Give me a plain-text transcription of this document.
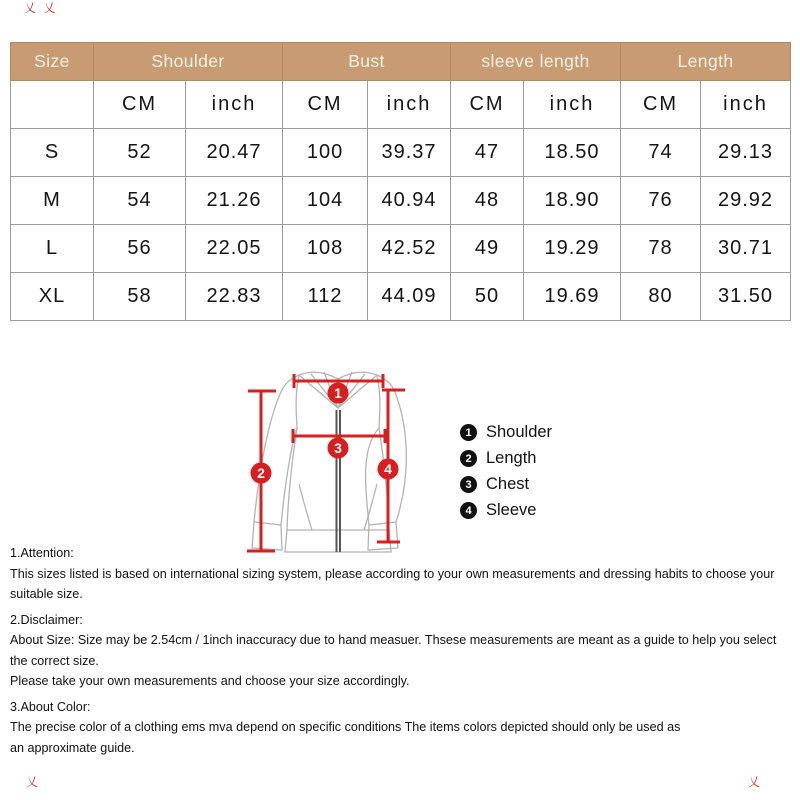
乂 乂
乂	乂
Size	Shoulder		Bust		sleeve length		Length	
	CM	inch	CM	inch	CM	inch	CM	inch
S	52	20.47	100	39.37	47	18.50	74	29.13
M	54	21.26	104	40.94	48	18.90	76	29.92
L	56	22.05	108	42.52	49	19.29	78	30.71
XL	58	22.83	112	44.09	50	19.69	80	31.50
1
2
3
4
1 Shoulder
2 Length
3 Chest
4 Sleeve
1.Attention:
This sizes listed is based on international sizing system, please according to your own measurements and dressing habits to choose your suitable size.
2.Disclaimer:
About Size: Size may be 2.54cm / 1inch inaccuracy due to hand measuer. Thsese measurements are meant as a guide to help you select the correct size.
Please take your own measurements and choose your size accordingly.
3.About Color:
The precise color of a clothing ems mva depend on specific conditions The items colors depicted should only be used as
an approximate guide.
